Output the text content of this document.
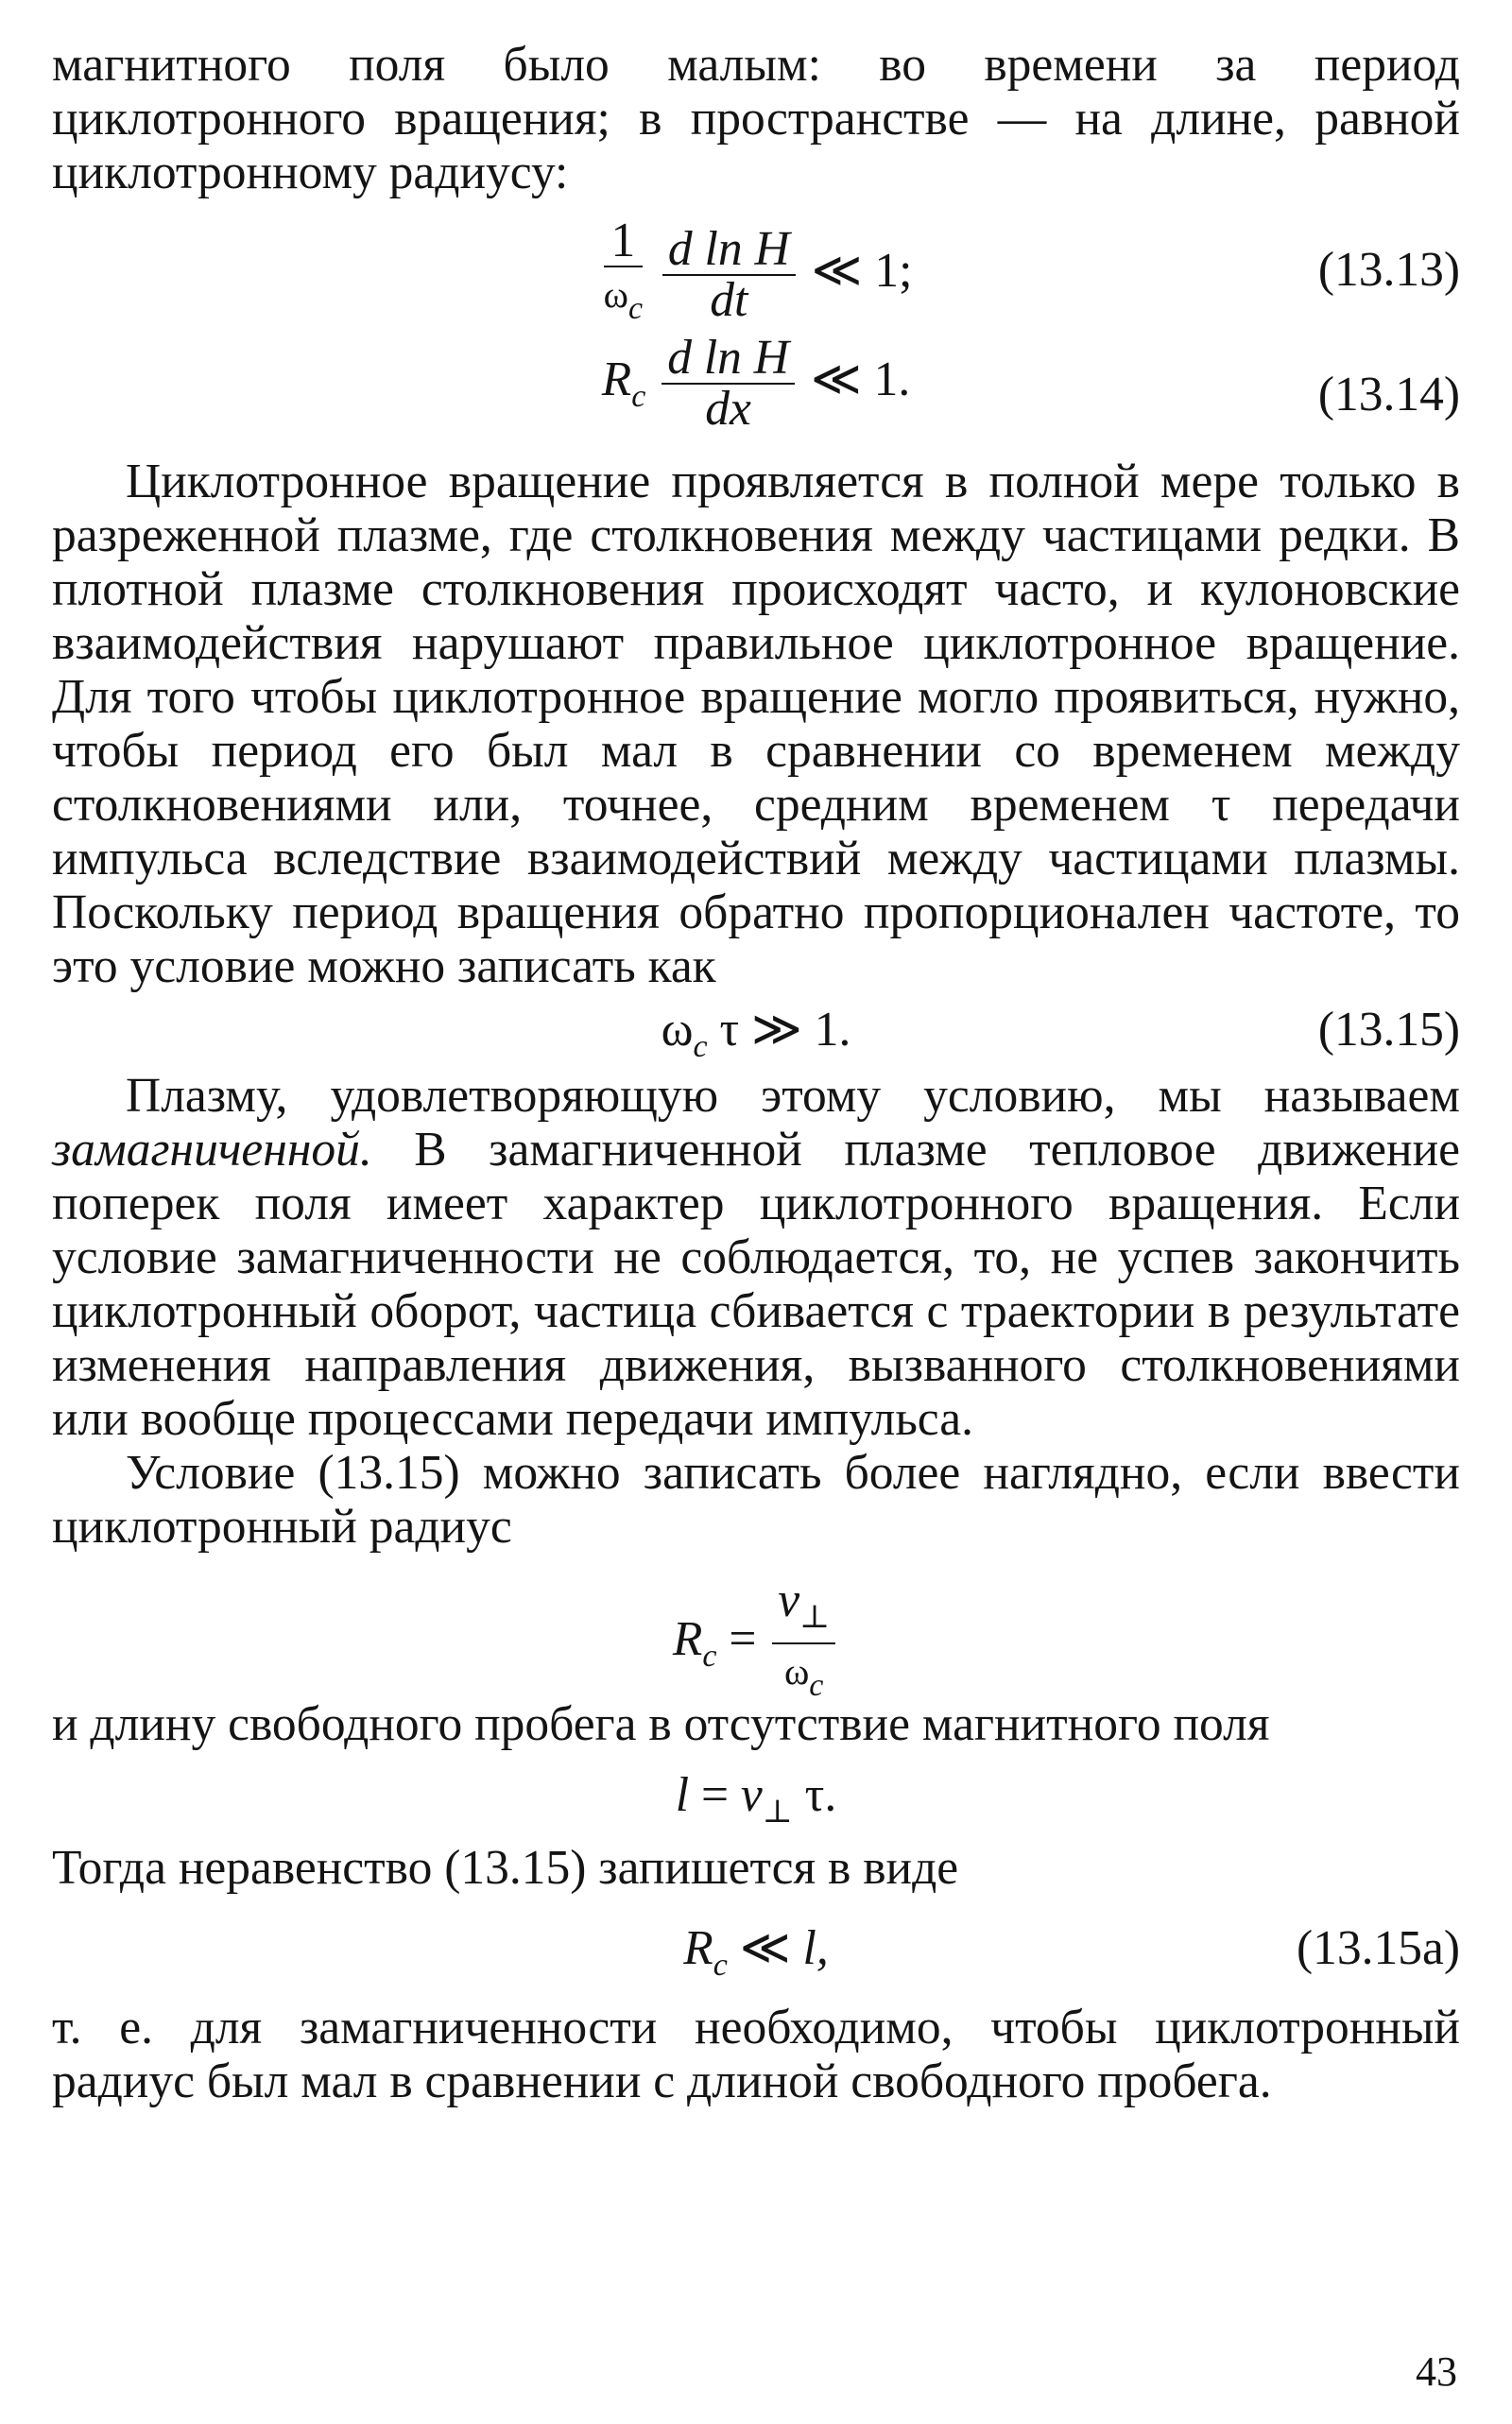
магнитного поля было малым: во времени за период циклотронного вращения; в пространстве — на длине, равной циклотронному радиусу:

$\frac{1}{\omega_c}$
$\frac{\text{d ln H}}{dt}$ ≪ 1;	(13.13)
$R_c \frac{\text{d ln H}}{dx}$ ≪ 1.	(13.14)

Циклотронное вращение проявляется в полной мере только в разреженной плазме, где столкновения между частицами редки. В плотной плазме столкновения происходят часто, и кулоновские взаимодействия нарушают правильное циклотронное вращение. Для того чтобы циклотронное вращение могло проявиться, нужно, чтобы период его был мал в сравнении со временем между столкновениями или, точнее, средним временем τ передачи импульса вследствие взаимодействий между частицами плазмы. Поскольку период вращения обратно пропорционален частоте, то это условие можно записать как

$\omega_c$ τ ≫ 1.	(13.15)

Плазму, удовлетворяющую этому условию, мы называем замагниченной. В замагниченной плазме тепловое движение поперек поля имеет характер циклотронного вращения. Если условие замагниченности не соблюдается, то, не успев закончить циклотронный оборот, частица сбивается с траектории в результате изменения направления движения, вызванного столкновениями или вообще процессами передачи импульса.

Условие (13.15) можно записать более наглядно, если ввести циклотронный радиус

$R_c = \frac{v_\perp}{\omega_c}$

и длину свободного пробега в отсутствие магнитного поля

$l = v_\perp$ τ.

Тогда неравенство (13.15) запишется в виде

$R_c$ ≪ l,	(13.15a)

т. е. для замагниченности необходимо, чтобы циклотронный радиус был мал в сравнении с длиной свободного пробега.

43
